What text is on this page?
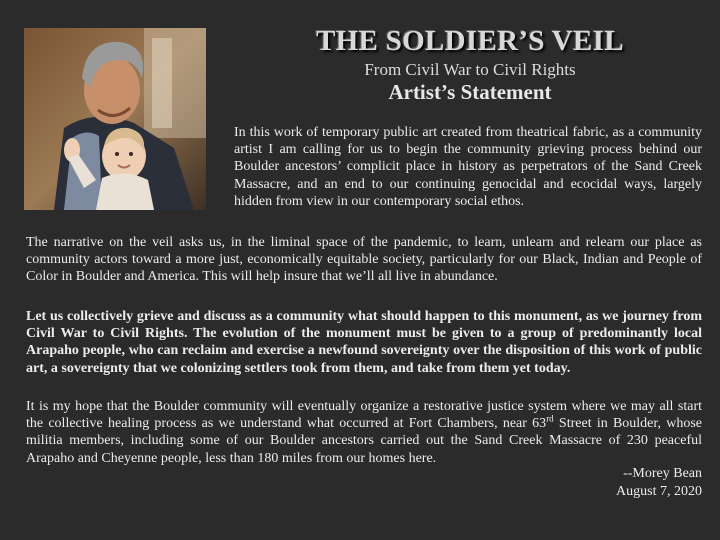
THE SOLDIER’S VEIL
From Civil War to Civil Rights
Artist’s Statement
In this work of temporary public art created from theatrical fabric, as a community artist I am calling for us to begin the community grieving process behind our Boulder ancestors’ complicit place in history as perpetrators of the Sand Creek Massacre, and an end to our continuing genocidal and ecocidal ways, largely hidden from view in our contemporary social ethos.
The narrative on the veil asks us, in the liminal space of the pandemic, to learn, unlearn and relearn our place as community actors toward a more just, economically equitable society, particularly for our Black, Indian and People of Color in Boulder and America. This will help insure that we’ll all live in abundance.
Let us collectively grieve and discuss as a community what should happen to this monument, as we journey from Civil War to Civil Rights. The evolution of the monument must be given to a group of predominantly local Arapaho people, who can reclaim and exercise a newfound sovereignty over the disposition of this work of public art, a sovereignty that we colonizing settlers took from them, and take from them yet today.
It is my hope that the Boulder community will eventually organize a restorative justice system where we may all start the collective healing process as we understand what occurred at Fort Chambers, near 63rd Street in Boulder, whose militia members, including some of our Boulder ancestors carried out the Sand Creek Massacre of 230 peaceful Arapaho and Cheyenne people, less than 180 miles from our homes here.
--Morey Bean
August 7, 2020
